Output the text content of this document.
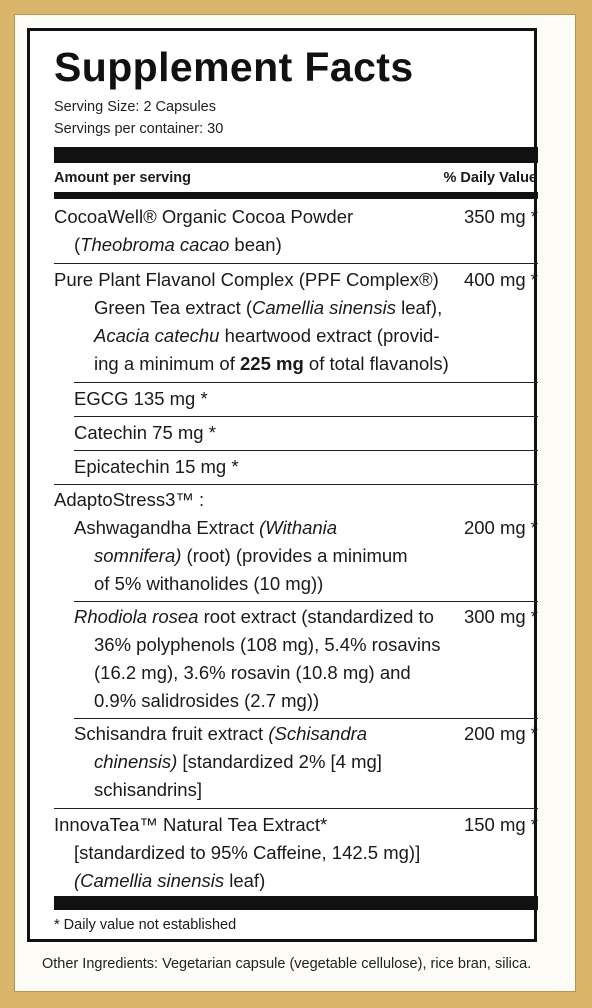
Supplement Facts
Serving Size: 2 Capsules
Servings per container: 30
Amount per serving	% Daily Value
CocoaWell® Organic Cocoa Powder	350 mg *
(Theobroma cacao bean)
Pure Plant Flavanol Complex (PPF Complex®) 400 mg *
Green Tea extract (Camellia sinensis leaf),
Acacia catechu heartwood extract (provid-
ing a minimum of 225 mg of total flavanols)
EGCG 135 mg *
Catechin 75 mg *
Epicatechin 15 mg *
AdaptoStress3™ :
Ashwagandha Extract (Withania	200 mg *
somnifera) (root) (provides a minimum
of 5% withanolides (10 mg))
Rhodiola rosea root extract (standardized to 300 mg *
36% polyphenols (108 mg), 5.4% rosavins
(16.2 mg), 3.6% rosavin (10.8 mg) and
0.9% salidrosides (2.7 mg))
Schisandra fruit extract (Schisandra	200 mg *
chinensis) [standardized 2% [4 mg]
schisandrins]
InnovaTea™ Natural Tea Extract*	150 mg *
[standardized to 95% Caffeine, 142.5 mg)]
(Camellia sinensis leaf)
* Daily value not established
Other Ingredients: Vegetarian capsule (vegetable cellulose), rice bran, silica.
